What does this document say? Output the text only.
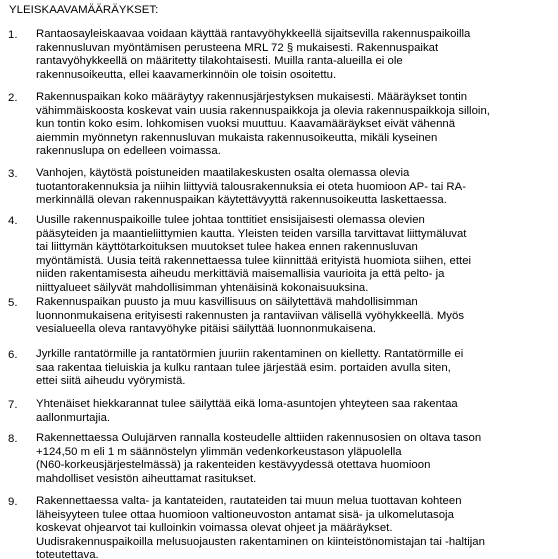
YLEISKAAVAMÄÄRÄYKSET:
1. Rantaosayleiskaavaa voidaan käyttää rantavyöhykkeellä sijaitsevilla rakennuspaikoilla
rakennusluvan myöntämisen perusteena MRL 72 § mukaisesti. Rakennuspaikat
rantavyöhykkeellä on määritetty tilakohtaisesti. Muilla ranta-alueilla ei ole
rakennusoikeutta, ellei kaavamerkinnöin ole toisin osoitettu.
2. Rakennuspaikan koko määräytyy rakennusjärjestyksen mukaisesti. Määräykset tontin
vähimmäiskoosta koskevat vain uusia rakennuspaikkoja ja olevia rakennuspaikkoja silloin,
kun tontin koko esim. lohkomisen vuoksi muuttuu. Kaavamääräykset eivät vähennä
aiemmin myönnetyn rakennusluvan mukaista rakennusoikeutta, mikäli kyseinen
rakennuslupa on edelleen voimassa.
3. Vanhojen, käytöstä poistuneiden maatilakeskusten osalta olemassa olevia
tuotantorakennuksia ja niihin liittyviä talousrakennuksia ei oteta huomioon AP- tai RA-
merkinnällä olevan rakennuspaikan käytettävyyttä rakennusoikeutta laskettaessa.
4. Uusille rakennuspaikoille tulee johtaa tonttitiet ensisijaisesti olemassa olevien
pääsyteiden ja maantieliittymien kautta. Yleisten teiden varsilla tarvittavat liittymäluvat
tai liittymän käyttötarkoituksen muutokset tulee hakea ennen rakennusluvan
myöntämistä. Uusia teitä rakennettaessa tulee kiinnittää erityistä huomiota siihen, ettei
niiden rakentamisesta aiheudu merkittäviä maisemallisia vaurioita ja että pelto- ja
niittyalueet säilyvät mahdollisimman yhtenäisinä kokonaisuuksina.
5. Rakennuspaikan puusto ja muu kasvillisuus on säilytettävä mahdollisimman
luonnonmukaisena erityisesti rakennusten ja rantaviivan välisellä vyöhykkeellä. Myös
vesialueella oleva rantavyöhyke pitäisi säilyttää luonnonmukaisena.
6. Jyrkille rantatörmille ja rantatörmien juuriin rakentaminen on kielletty. Rantatörmille ei
saa rakentaa tieluiskia ja kulku rantaan tulee järjestää esim. portaiden avulla siten,
ettei siitä aiheudu vyörymistä.
7. Yhtenäiset hiekkarannat tulee säilyttää eikä loma-asuntojen yhteyteen saa rakentaa
aallonmurtajia.
8. Rakennettaessa Oulujärven rannalla kosteudelle alttiiden rakennusosien on oltava tason
+124,50 m eli 1 m säännöstelyn ylimmän vedenkorkeustason yläpuolella
(N60-korkeusjärjestelmässä) ja rakenteiden kestävyydessä otettava huomioon
mahdolliset vesistön aiheuttamat rasitukset.
9. Rakennettaessa valta- ja kantateiden, rautateiden tai muun melua tuottavan kohteen
läheisyyteen tulee ottaa huomioon valtioneuvoston antamat sisä- ja ulkomelutasoja
koskevat ohjearvot tai kulloinkin voimassa olevat ohjeet ja määräykset.
Uudisrakennuspaikoilla melusuojausten rakentaminen on kiinteistönomistajan tai -haltijan
toteutettava.
